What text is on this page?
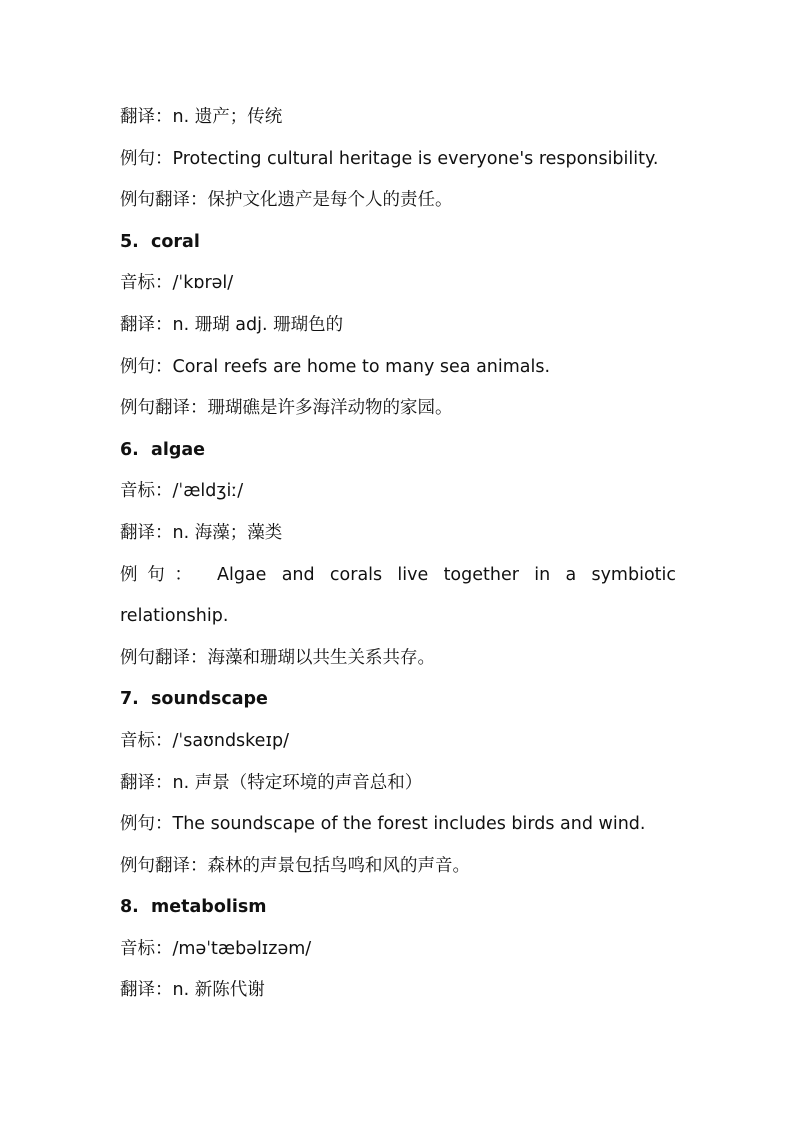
翻译：n. 遗产；传统
例句：Protecting cultural heritage is everyone's responsibility.
例句翻译：保护文化遗产是每个人的责任。
5. coral
音标：/ˈkɒrəl/
翻译：n. 珊瑚 adj. 珊瑚色的
例句：Coral reefs are home to many sea animals.
例句翻译：珊瑚礁是许多海洋动物的家园。
6. algae
音标：/ˈældʒiː/
翻译：n. 海藻；藻类
例句： Algae and corals live together in a symbiotic
relationship.
例句翻译：海藻和珊瑚以共生关系共存。
7. soundscape
音标：/ˈsaʊndskeɪp/
翻译：n. 声景（特定环境的声音总和）
例句：The soundscape of the forest includes birds and wind.
例句翻译：森林的声景包括鸟鸣和风的声音。
8. metabolism
音标：/məˈtæbəlɪzəm/
翻译：n. 新陈代谢
